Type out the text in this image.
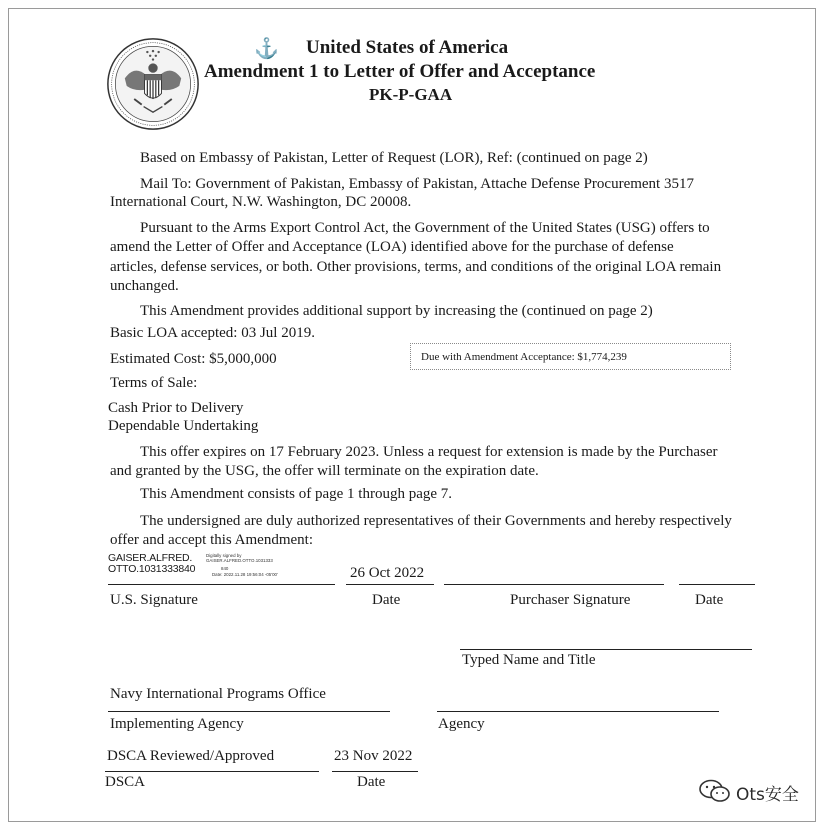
⚓ United States of America
Amendment 1 to Letter of Offer and Acceptance
PK-P-GAA
Based on Embassy of Pakistan, Letter of Request (LOR), Ref: (continued on page 2)
Mail To: Government of Pakistan, Embassy of Pakistan, Attache Defense Procurement 3517
International Court, N.W. Washington, DC 20008.
Pursuant to the Arms Export Control Act, the Government of the United States (USG) offers to
amend the Letter of Offer and Acceptance (LOA) identified above for the purchase of defense
articles, defense services, or both. Other provisions, terms, and conditions of the original LOA remain
unchanged.
This Amendment provides additional support by increasing the (continued on page 2)
Basic LOA accepted: 03 Jul 2019.
Estimated Cost: $5,000,000	Due with Amendment Acceptance: $1,774,239
Terms of Sale:
Cash Prior to Delivery
Dependable Undertaking
This offer expires on 17 February 2023. Unless a request for extension is made by the Purchaser
and granted by the USG, the offer will terminate on the expiration date.
This Amendment consists of page 1 through page 7.
The undersigned are duly authorized representatives of their Governments and hereby respectively
offer and accept this Amendment:
GAISER.ALFRED.
OTTO.1031333840
Digitally signed by
GAISER.ALFRED.OTTO.1031333
840
Date: 2022.11.28 19:56:04 -05'00'	26 Oct 2022
U.S. Signature	Date	Purchaser Signature	Date
Typed Name and Title
Navy International Programs Office
Implementing Agency	Agency
DSCA Reviewed/Approved	23 Nov 2022
DSCA	Date
Ots安全
